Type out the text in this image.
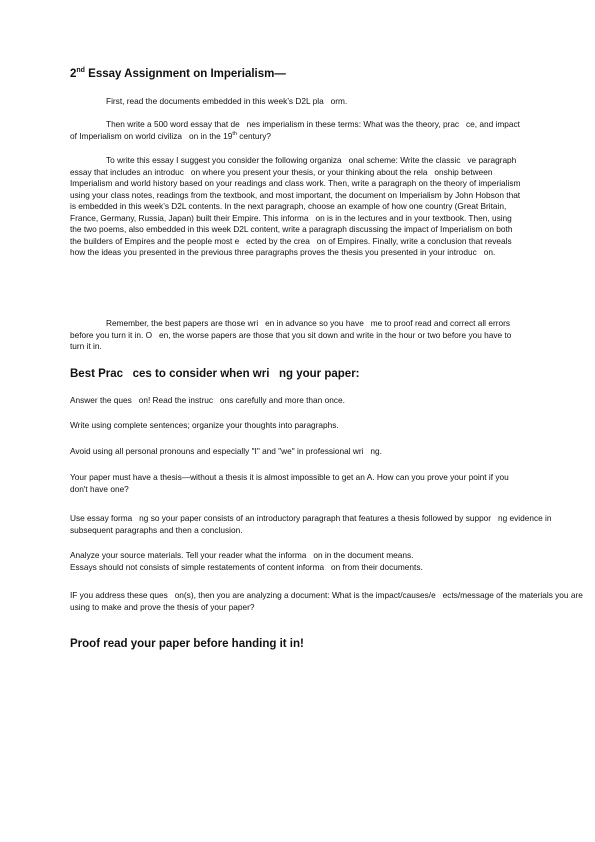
2nd Essay Assignment on Imperialism—

First, read the documents embedded in this week’s D2L pla   orm.

Then write a 500 word essay that de   nes imperialism in these terms: What was the theory, prac   ce, and impact of Imperialism on world civiliza   on in the 19th century?

To write this essay I suggest you consider the following organiza   onal scheme: Write the classic   ve paragraph essay that includes an introduc   on where you present your thesis, or your thinking about the rela   onship between Imperialism and world history based on your readings and class work. Then, write a paragraph on the theory of imperialism using your class notes, readings from the textbook, and most important, the document on Imperialism by John Hobson that is embedded in this week’s D2L contents. In the next paragraph, choose an example of how one country (Great Britain, France, Germany, Russia, Japan) built their Empire. This informa   on is in the lectures and in your textbook. Then, using the two poems, also embedded in this week D2L content, write a paragraph discussing the impact of Imperialism on both the builders of Empires and the people most e   ected by the crea   on of Empires. Finally, write a conclusion that reveals how the ideas you presented in the previous three paragraphs proves the thesis you presented in your introduc   on.

Remember, the best papers are those wri   en in advance so you have   me to proof read and correct all errors before you turn it in. O   en, the worse papers are those that you sit down and write in the hour or two before you have to turn it in.

Best Prac   ces to consider when wri   ng your paper:

Answer the ques   on! Read the instruc   ons carefully and more than once.

Write using complete sentences; organize your thoughts into paragraphs.

Avoid using all personal pronouns and especially "I" and "we" in professional wri   ng.

Your paper must have a thesis—without a thesis it is almost impossible to get an A. How can you prove your point if you don't have one?

Use essay forma   ng so your paper consists of an introductory paragraph that features a thesis followed by suppor   ng evidence in subsequent paragraphs and then a conclusion.

Analyze your source materials. Tell your reader what the informa   on in the document means.

Essays should not consists of simple restatements of content informa   on from their documents.

IF you address these ques   on(s), then you are analyzing a document: What is the impact/causes/e   ects/message of the materials you are using to make and prove the thesis of your paper?

Proof read your paper before handing it in!
